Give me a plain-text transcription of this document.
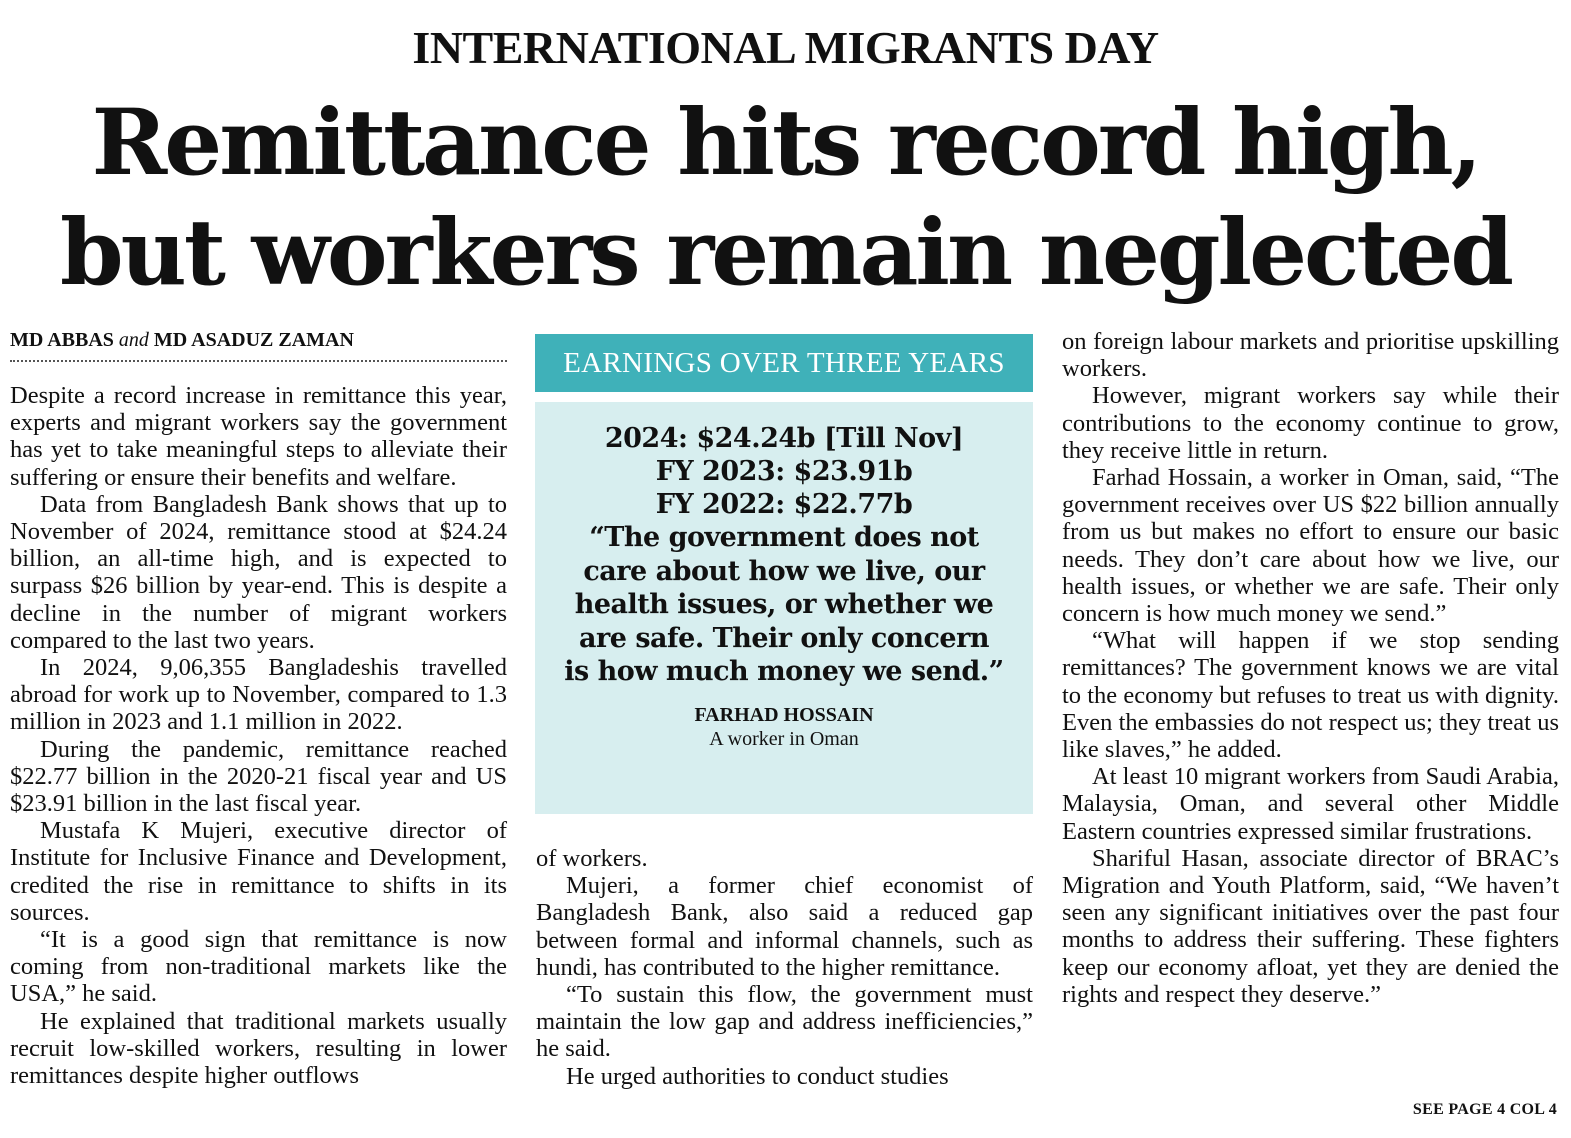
INTERNATIONAL MIGRANTS DAY
Remittance hits record high,
but workers remain neglected
MD ABBAS and MD ASADUZ ZAMAN

Despite a record increase in remittance this year, experts and migrant workers say the government has yet to take meaningful steps to alleviate their suffering or ensure their benefits and welfare.

Data from Bangladesh Bank shows that up to November of 2024, remittance stood at $24.24 billion, an all-time high, and is expected to surpass $26 billion by year-end. This is despite a decline in the number of migrant workers compared to the last two years.

In 2024, 9,06,355 Bangladeshis travelled abroad for work up to November, compared to 1.3 million in 2023 and 1.1 million in 2022.

During the pandemic, remittance reached $22.77 billion in the 2020-21 fiscal year and US $23.91 billion in the last fiscal year.

Mustafa K Mujeri, executive director of Institute for Inclusive Finance and Development, credited the rise in remittance to shifts in its sources.

“It is a good sign that remittance is now coming from non-traditional markets like the USA,” he said.

He explained that traditional markets usually recruit low-skilled workers, resulting in lower remittances despite higher outflows

EARNINGS OVER THREE YEARS
2024: $24.24b [Till Nov]
FY 2023: $23.91b
FY 2022: $22.77b
“The government does not care about how we live, our health issues, or whether we are safe. Their only concern is how much money we send.”
FARHAD HOSSAIN
A worker in Oman

of workers.

Mujeri, a former chief economist of Bangladesh Bank, also said a reduced gap between formal and informal channels, such as hundi, has contributed to the higher remittance.

“To sustain this flow, the government must maintain the low gap and address inefficiencies,” he said.

He urged authorities to conduct studies

on foreign labour markets and prioritise upskilling workers.

However, migrant workers say while their contributions to the economy continue to grow, they receive little in return.

Farhad Hossain, a worker in Oman, said, “The government receives over US $22 billion annually from us but makes no effort to ensure our basic needs. They don’t care about how we live, our health issues, or whether we are safe. Their only concern is how much money we send.”

“What will happen if we stop sending remittances? The government knows we are vital to the economy but refuses to treat us with dignity. Even the embassies do not respect us; they treat us like slaves,” he added.

At least 10 migrant workers from Saudi Arabia, Malaysia, Oman, and several other Middle Eastern countries expressed similar frustrations.

Shariful Hasan, associate director of BRAC’s Migration and Youth Platform, said, “We haven’t seen any significant initiatives over the past four months to address their suffering. These fighters keep our economy afloat, yet they are denied the rights and respect they deserve.”

SEE PAGE 4 COL 4
